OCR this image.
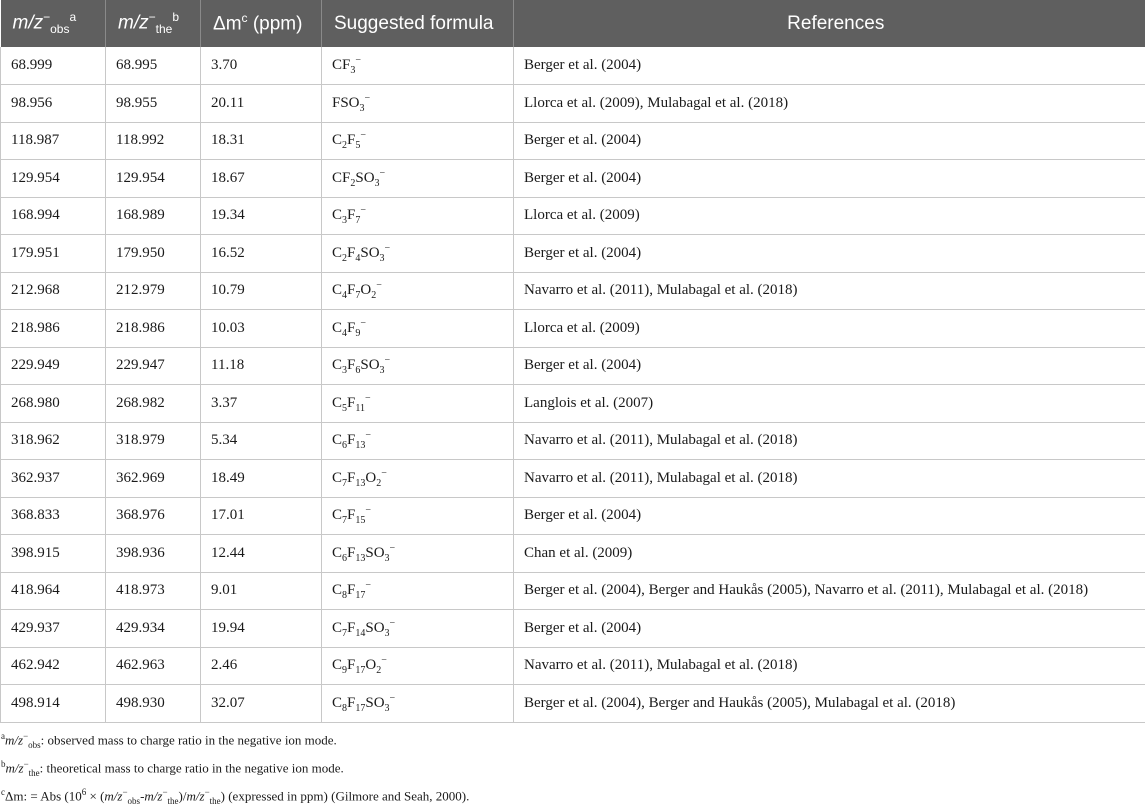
$m/z^-_{obs}^a$	$m/z^-_{the}^b$	$\Delta m^c$ (ppm)	Suggested formula	References
68.999	68.995	3.70	$CF_3^-$	Berger et al. (2004)
98.956	98.955	20.11	$FSO_3^-$	Llorca et al. (2009), Mulabagal et al. (2018)
118.987	118.992	18.31	$C_2F_5^-$	Berger et al. (2004)
129.954	129.954	18.67	$CF_2SO_3^-$	Berger et al. (2004)
168.994	168.989	19.34	$C_3F_7^-$	Llorca et al. (2009)
179.951	179.950	16.52	$C_2F_4SO_3^-$	Berger et al. (2004)
212.968	212.979	10.79	$C_4F_7O_2^-$	Navarro et al. (2011), Mulabagal et al. (2018)
218.986	218.986	10.03	$C_4F_9^-$	Llorca et al. (2009)
229.949	229.947	11.18	$C_3F_6SO_3^-$	Berger et al. (2004)
268.980	268.982	3.37	$C_5F_{11}^-$	Langlois et al. (2007)
318.962	318.979	5.34	$C_6F_{13}^-$	Navarro et al. (2011), Mulabagal et al. (2018)
362.937	362.969	18.49	$C_7F_{13}O_2^-$	Navarro et al. (2011), Mulabagal et al. (2018)
368.833	368.976	17.01	$C_7F_{15}^-$	Berger et al. (2004)
398.915	398.936	12.44	$C_6F_{13}SO_3^-$	Chan et al. (2009)
418.964	418.973	9.01	$C_8F_{17}^-$	Berger et al. (2004), Berger and Haukås (2005), Navarro et al. (2011), Mulabagal et al. (2018)
429.937	429.934	19.94	$C_7F_{14}SO_3^-$	Berger et al. (2004)
462.942	462.963	2.46	$C_9F_{17}O_2^-$	Navarro et al. (2011), Mulabagal et al. (2018)
498.914	498.930	32.07	$C_8F_{17}SO_3^-$	Berger et al. (2004), Berger and Haukås (2005), Mulabagal et al. (2018)
$^am/z^-_{obs}$: observed mass to charge ratio in the negative ion mode.
$^bm/z^-_{the}$: theoretical mass to charge ratio in the negative ion mode.
$^c$Δm: = Abs $(10^6 \times (m/z^-_{obs}-m/z^-_{the})/m/z^-_{the})$ (expressed in ppm) (Gilmore and Seah, 2000).
